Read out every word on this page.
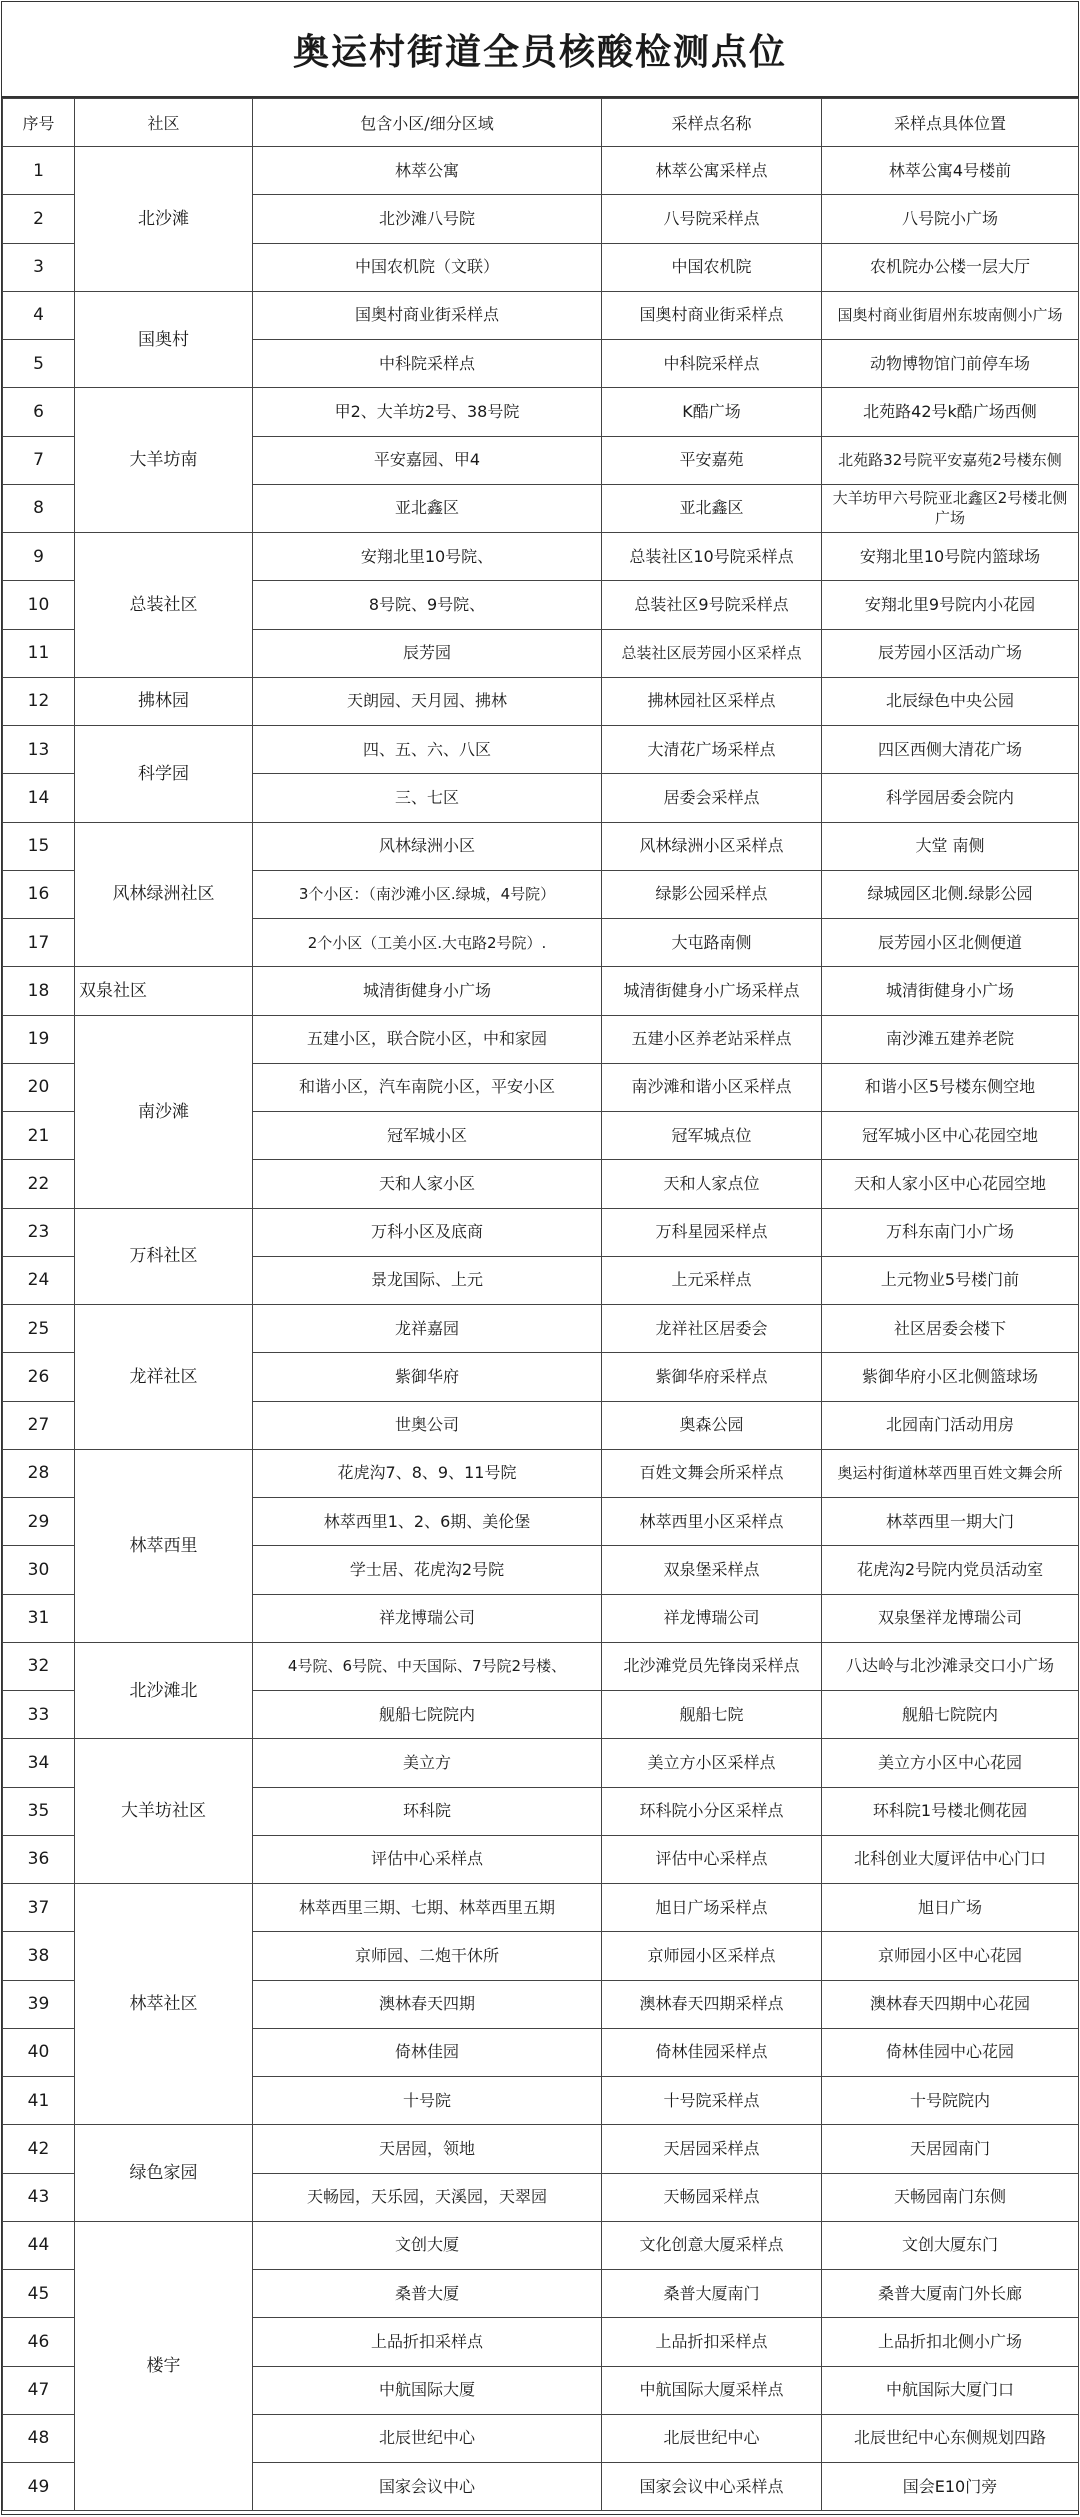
奥运村街道全员核酸检测点位
序号	社区	包含小区/细分区域	采样点名称	采样点具体位置
1	北沙滩	林萃公寓	林萃公寓采样点	林萃公寓4号楼前
2		北沙滩八号院	八号院采样点	八号院小广场
3		中国农机院（文联）	中国农机院	农机院办公楼一层大厅
4	国奥村	国奥村商业街采样点	国奥村商业街采样点	国奥村商业街眉州东坡南侧小广场
5		中科院采样点	中科院采样点	动物博物馆门前停车场
6	大羊坊南	甲2、大羊坊2号、38号院	K酷广场	北苑路42号k酷广场西侧
7		平安嘉园、甲4	平安嘉苑	北苑路32号院平安嘉苑2号楼东侧
8		亚北鑫区	亚北鑫区	大羊坊甲六号院亚北鑫区2号楼北侧广场
9	总装社区	安翔北里10号院、	总装社区10号院采样点	安翔北里10号院内篮球场
10		8号院、9号院、	总装社区9号院采样点	安翔北里9号院内小花园
11		辰芳园	总装社区辰芳园小区采样点	辰芳园小区活动广场
12	拂林园	天朗园、天月园、拂林	拂林园社区采样点	北辰绿色中央公园
13	科学园	四、五、六、八区	大清花广场采样点	四区西侧大清花广场
14		三、七区	居委会采样点	科学园居委会院内
15	风林绿洲社区	风林绿洲小区	风林绿洲小区采样点	大堂 南侧
16		3个小区：（南沙滩小区.绿城，4号院）	绿影公园采样点	绿城园区北侧.绿影公园
17		2个小区（工美小区.大屯路2号院）.	大屯路南侧	辰芳园小区北侧便道
18	双泉社区	城清街健身小广场	城清街健身小广场采样点	城清街健身小广场
19	南沙滩	五建小区，联合院小区，中和家园	五建小区养老站采样点	南沙滩五建养老院
20		和谐小区，汽车南院小区，平安小区	南沙滩和谐小区采样点	和谐小区5号楼东侧空地
21		冠军城小区	冠军城点位	冠军城小区中心花园空地
22		天和人家小区	天和人家点位	天和人家小区中心花园空地
23	万科社区	万科小区及底商	万科星园采样点	万科东南门小广场
24		景龙国际、上元	上元采样点	上元物业5号楼门前
25	龙祥社区	龙祥嘉园	龙祥社区居委会	社区居委会楼下
26		紫御华府	紫御华府采样点	紫御华府小区北侧篮球场
27		世奥公司	奥森公园	北园南门活动用房
28	林萃西里	花虎沟7、8、9、11号院	百姓文舞会所采样点	奥运村街道林萃西里百姓文舞会所
29		林萃西里1、2、6期、美伦堡	林萃西里小区采样点	林萃西里一期大门
30		学士居、花虎沟2号院	双泉堡采样点	花虎沟2号院内党员活动室
31		祥龙博瑞公司	祥龙博瑞公司	双泉堡祥龙博瑞公司
32	北沙滩北	4号院、6号院、中天国际、7号院2号楼、	北沙滩党员先锋岗采样点	八达岭与北沙滩录交口小广场
33		舰船七院院内	舰船七院	舰船七院院内
34	大羊坊社区	美立方	美立方小区采样点	美立方小区中心花园
35		环科院	环科院小分区采样点	环科院1号楼北侧花园
36		评估中心采样点	评估中心采样点	北科创业大厦评估中心门口
37	林萃社区	林萃西里三期、七期、林萃西里五期	旭日广场采样点	旭日广场
38		京师园、二炮干休所	京师园小区采样点	京师园小区中心花园
39		澳林春天四期	澳林春天四期采样点	澳林春天四期中心花园
40		倚林佳园	倚林佳园采样点	倚林佳园中心花园
41		十号院	十号院采样点	十号院院内
42	绿色家园	天居园，领地	天居园采样点	天居园南门
43		天畅园，天乐园，天溪园，天翠园	天畅园采样点	天畅园南门东侧
44	楼宇	文创大厦	文化创意大厦采样点	文创大厦东门
45		桑普大厦	桑普大厦南门	桑普大厦南门外长廊
46		上品折扣采样点	上品折扣采样点	上品折扣北侧小广场
47		中航国际大厦	中航国际大厦采样点	中航国际大厦门口
48		北辰世纪中心	北辰世纪中心	北辰世纪中心东侧规划四路
49		国家会议中心	国家会议中心采样点	国会E10门旁
